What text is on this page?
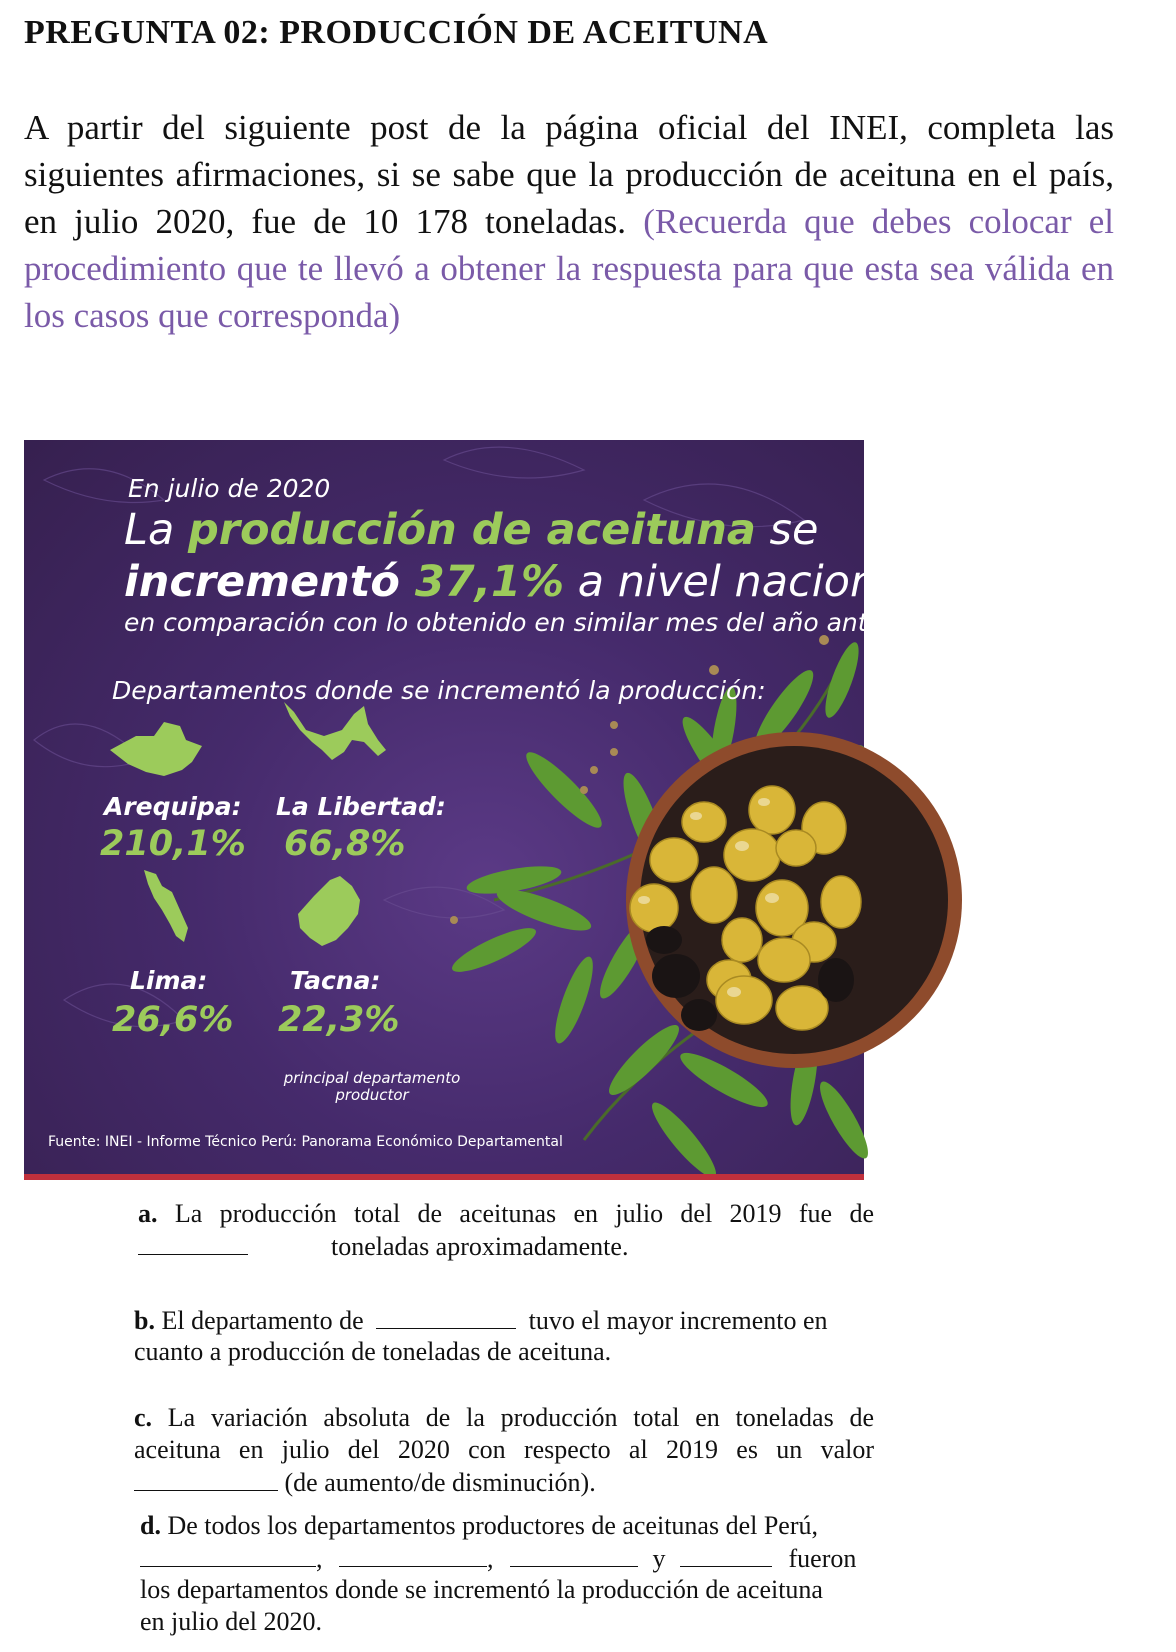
PREGUNTA 02: PRODUCCIÓN DE ACEITUNA
A partir del siguiente post de la página oficial del INEI, completa las siguientes afirmaciones, si se sabe que la producción de aceituna en el país, en julio 2020, fue de 10 178 toneladas. (Recuerda que debes colocar el procedimiento que te llevó a obtener la respuesta para que esta sea válida en los casos que corresponda)
En julio de 2020
La producción de aceituna se
incrementó 37,1% a nivel nacional
en comparación con lo obtenido en similar mes del año anterior
Departamentos donde se incrementó la producción:
Arequipa:
210,1%
La Libertad:
66,8%
Lima:
26,6%
Tacna:
22,3%
principal departamento productor
Fuente: INEI - Informe Técnico Perú: Panorama Económico Departamental
a. La producción total de aceitunas en julio del 2019 fue de
toneladas aproximadamente.
b. El departamento de	tuvo el mayor incremento en
cuanto a producción de toneladas de aceituna.
c. La variación absoluta de la producción total en toneladas de
aceituna en julio del 2020 con respecto al 2019 es un valor
(de aumento/de disminución).
d. De todos los departamentos productores de aceitunas del Perú,
,	,	y	fueron
los departamentos donde se incrementó la producción de aceituna
en julio del 2020.
